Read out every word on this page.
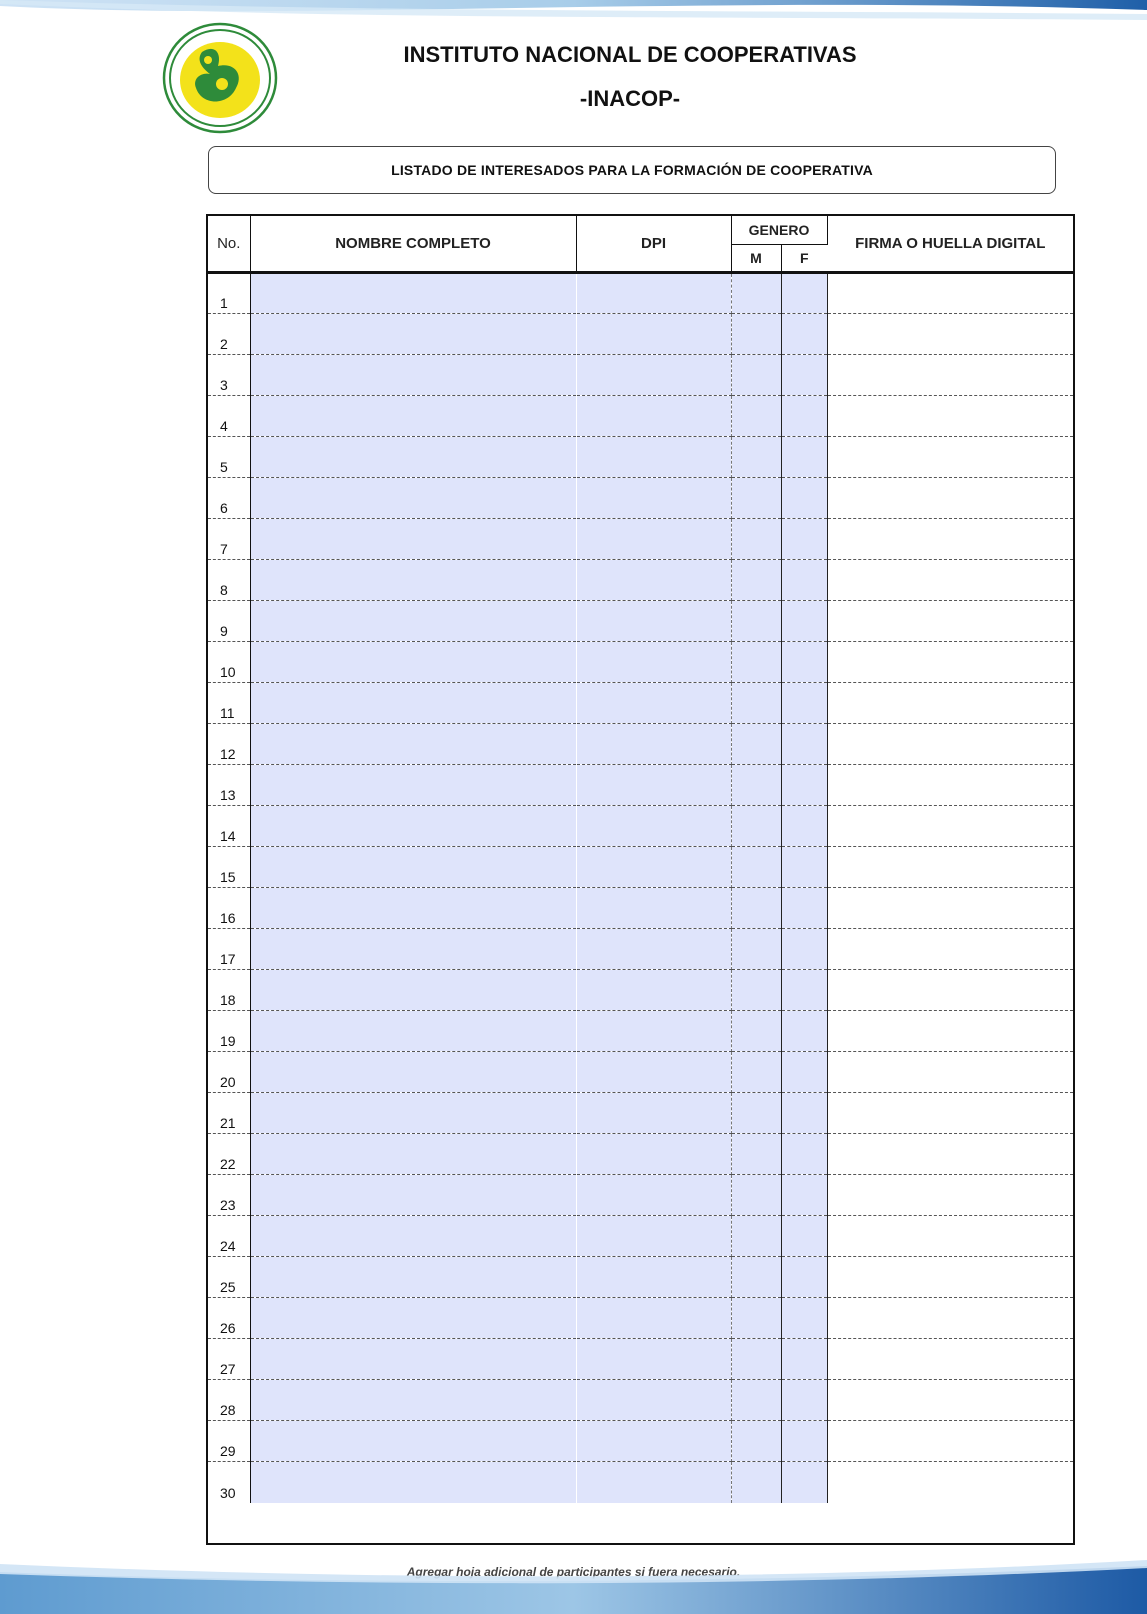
INSTITUTO NACIONAL DE COOPERATIVAS
-INACOP-
LISTADO DE INTERESADOS PARA LA FORMACIÓN DE COOPERATIVA
No.	NOMBRE COMPLETO	DPI	GENERO		FIRMA O HUELLA DIGITAL
			M	F	
1					
2					
3					
4					
5					
6					
7					
8					
9					
10					
11					
12					
13					
14					
15					
16					
17					
18					
19					
20					
21					
22					
23					
24					
25					
26					
27					
28					
29					
30					
Agregar hoja adicional de participantes si fuera necesario.
